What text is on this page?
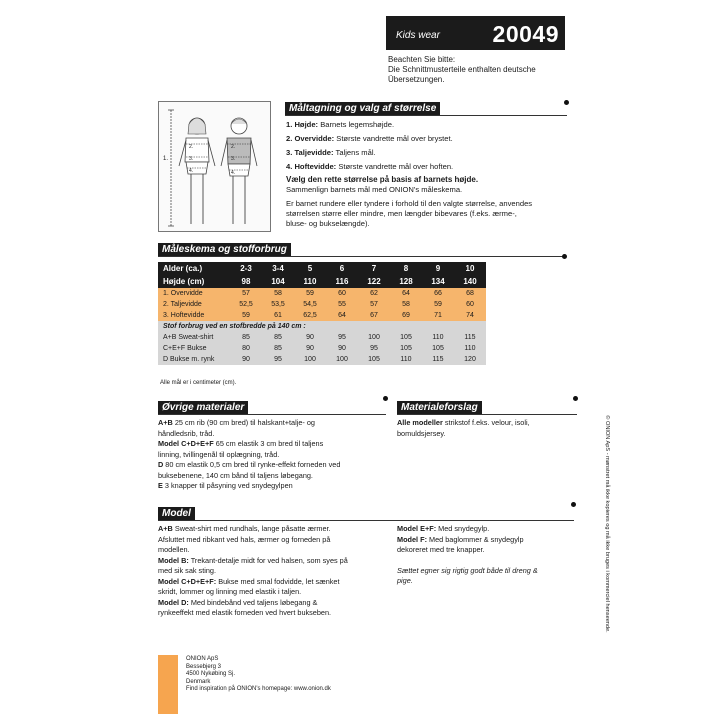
Kids wear 20049
Beachten Sie bitte:
Die Schnittmusterteile enthalten deutsche
Übersetzungen.
Måltagning og valg af størrelse
2.
3.
4.
2.
3.
4.
1.
1. Højde: Barnets legemshøjde.
2. Overvidde: Største vandrette mål over brystet.
3. Taljevidde: Taljens mål.
4. Hoftevidde: Største vandrette mål over hoften.
Vælg den rette størrelse på basis af barnets højde.
Sammenlign barnets mål med ONION's måleskema.
Er barnet rundere eller tyndere i forhold til den valgte størrelse, anvendes
størrelsen større eller mindre, men længder bibevares (f.eks. ærme-,
bluse- og bukselængde).
Måleskema og stofforbrug
Alder (ca.)	2-3	3-4	5	6	7	8	9	10
Højde (cm)	98	104	110	116	122	128	134	140
1. Overvidde	57	58	59	60	62	64	66	68
2. Taljevidde	52,5	53,5	54,5	55	57	58	59	60
3. Hoftevidde	59	61	62,5	64	67	69	71	74
Stof forbrug ved en stofbredde på 140 cm :								
A+B Sweat-shirt	85	85	90	95	100	105	110	115
C+E+F Bukse	80	85	90	90	95	105	105	110
D Bukse m. rynk	90	95	100	100	105	110	115	120
Alle mål er i centimeter (cm).
Øvrige materialer
A+B 25 cm rib (90 cm bred) til halskant+talje- og
håndledsrib, tråd.
Model C+D+E+F 65 cm elastik 3 cm bred til taljens
linning, tvillingenål til oplægning, tråd.
D 80 cm elastik 0,5 cm bred til rynke-effekt forneden ved
buksebenene, 140 cm bånd til taljens løbegang.
E 3 knapper til påsyning ved snydegylpen
Materialeforslag
Alle modeller strikstof f.eks. velour, isoli,
bomuldsjersey.
Model
A+B Sweat-shirt med rundhals, lange påsatte ærmer.
Afsluttet med ribkant ved hals, ærmer og forneden på
modellen.
Model B: Trekant-detalje midt for ved halsen, som syes på
med sik sak sting.
Model C+D+E+F: Bukse med smal fodvidde, let sænket
skridt, lommer og linning med elastik i taljen.
Model D: Med bindebånd ved taljens løbegang &
rynkeeffekt med elastik forneden ved hvert bukseben.
Model E+F: Med snydegylp.
Model F: Med baglommer & snydegylp
dekoreret med tre knapper.
Sættet egner sig rigtig godt både til dreng &
pige.
ONION ApS
Bessebjerg 3
4500 Nykøbing Sj.
Denmark
Find inspiration på ONION's homepage: www.onion.dk
© ONION ApS - mønstret må ikke kopieres og må ikke bruges i kommerciel henseende.
